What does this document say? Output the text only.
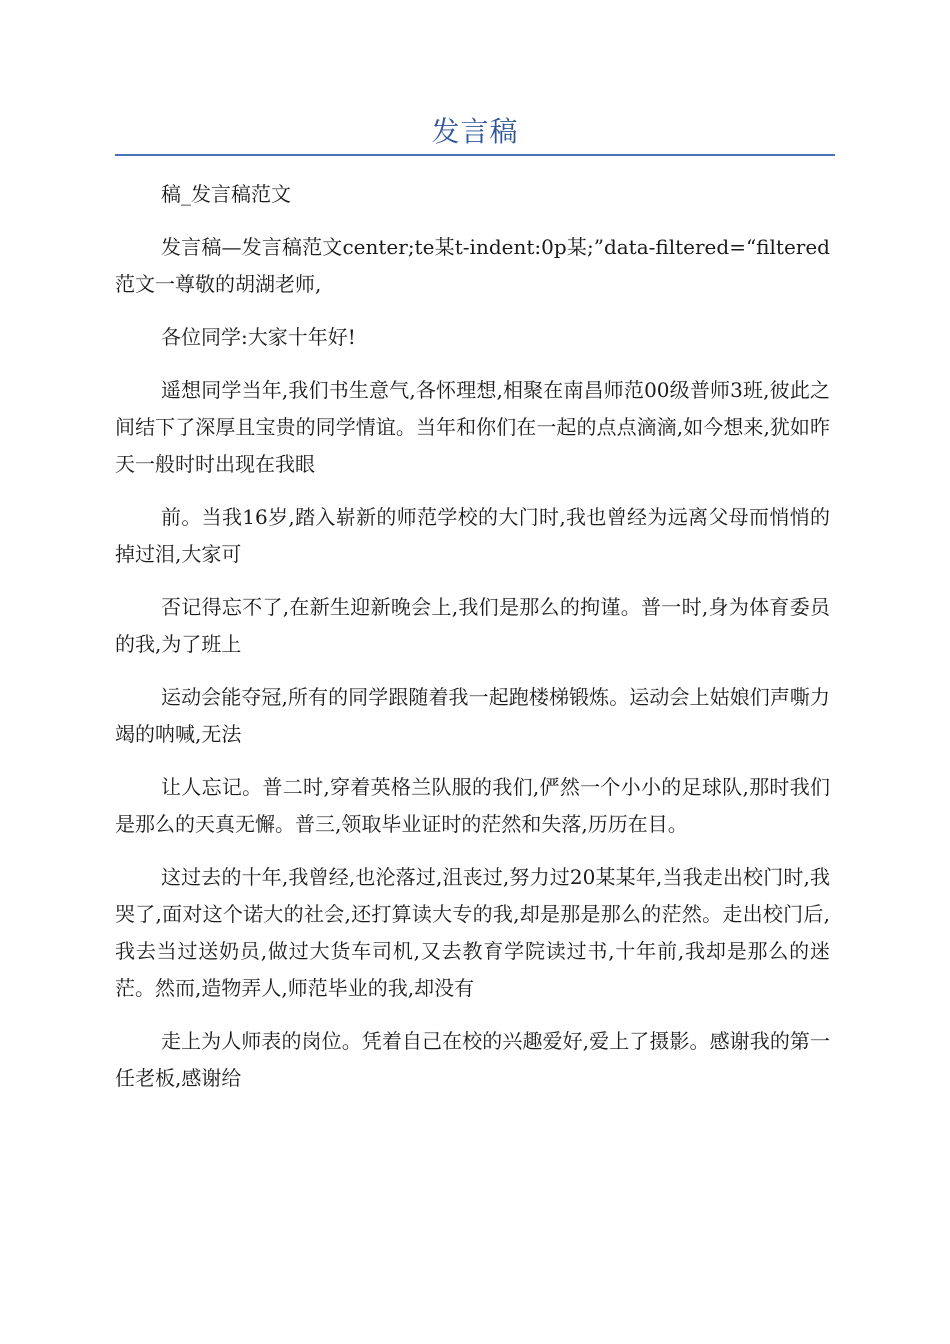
发言稿

稿_发言稿范文

发言稿—发言稿范文center;te某t-indent:0p某;”data-filtered=“filtered范文一尊敬的胡湖老师,

各位同学:大家十年好!

遥想同学当年,我们书生意气,各怀理想,相聚在南昌师范00级普师3班,彼此之间结下了深厚且宝贵的同学情谊。当年和你们在一起的点点滴滴,如今想来,犹如昨天一般时时出现在我眼

前。当我16岁,踏入崭新的师范学校的大门时,我也曾经为远离父母而悄悄的掉过泪,大家可

否记得忘不了,在新生迎新晚会上,我们是那么的拘谨。普一时,身为体育委员的我,为了班上

运动会能夺冠,所有的同学跟随着我一起跑楼梯锻炼。运动会上姑娘们声嘶力竭的呐喊,无法

让人忘记。普二时,穿着英格兰队服的我们,俨然一个小小的足球队,那时我们是那么的天真无懈。普三,领取毕业证时的茫然和失落,历历在目。

这过去的十年,我曾经,也沦落过,沮丧过,努力过20某某年,当我走出校门时,我哭了,面对这个诺大的社会,还打算读大专的我,却是那是那么的茫然。走出校门后,我去当过送奶员,做过大货车司机,又去教育学院读过书,十年前,我却是那么的迷茫。然而,造物弄人,师范毕业的我,却没有

走上为人师表的岗位。凭着自己在校的兴趣爱好,爱上了摄影。感谢我的第一任老板,感谢给
